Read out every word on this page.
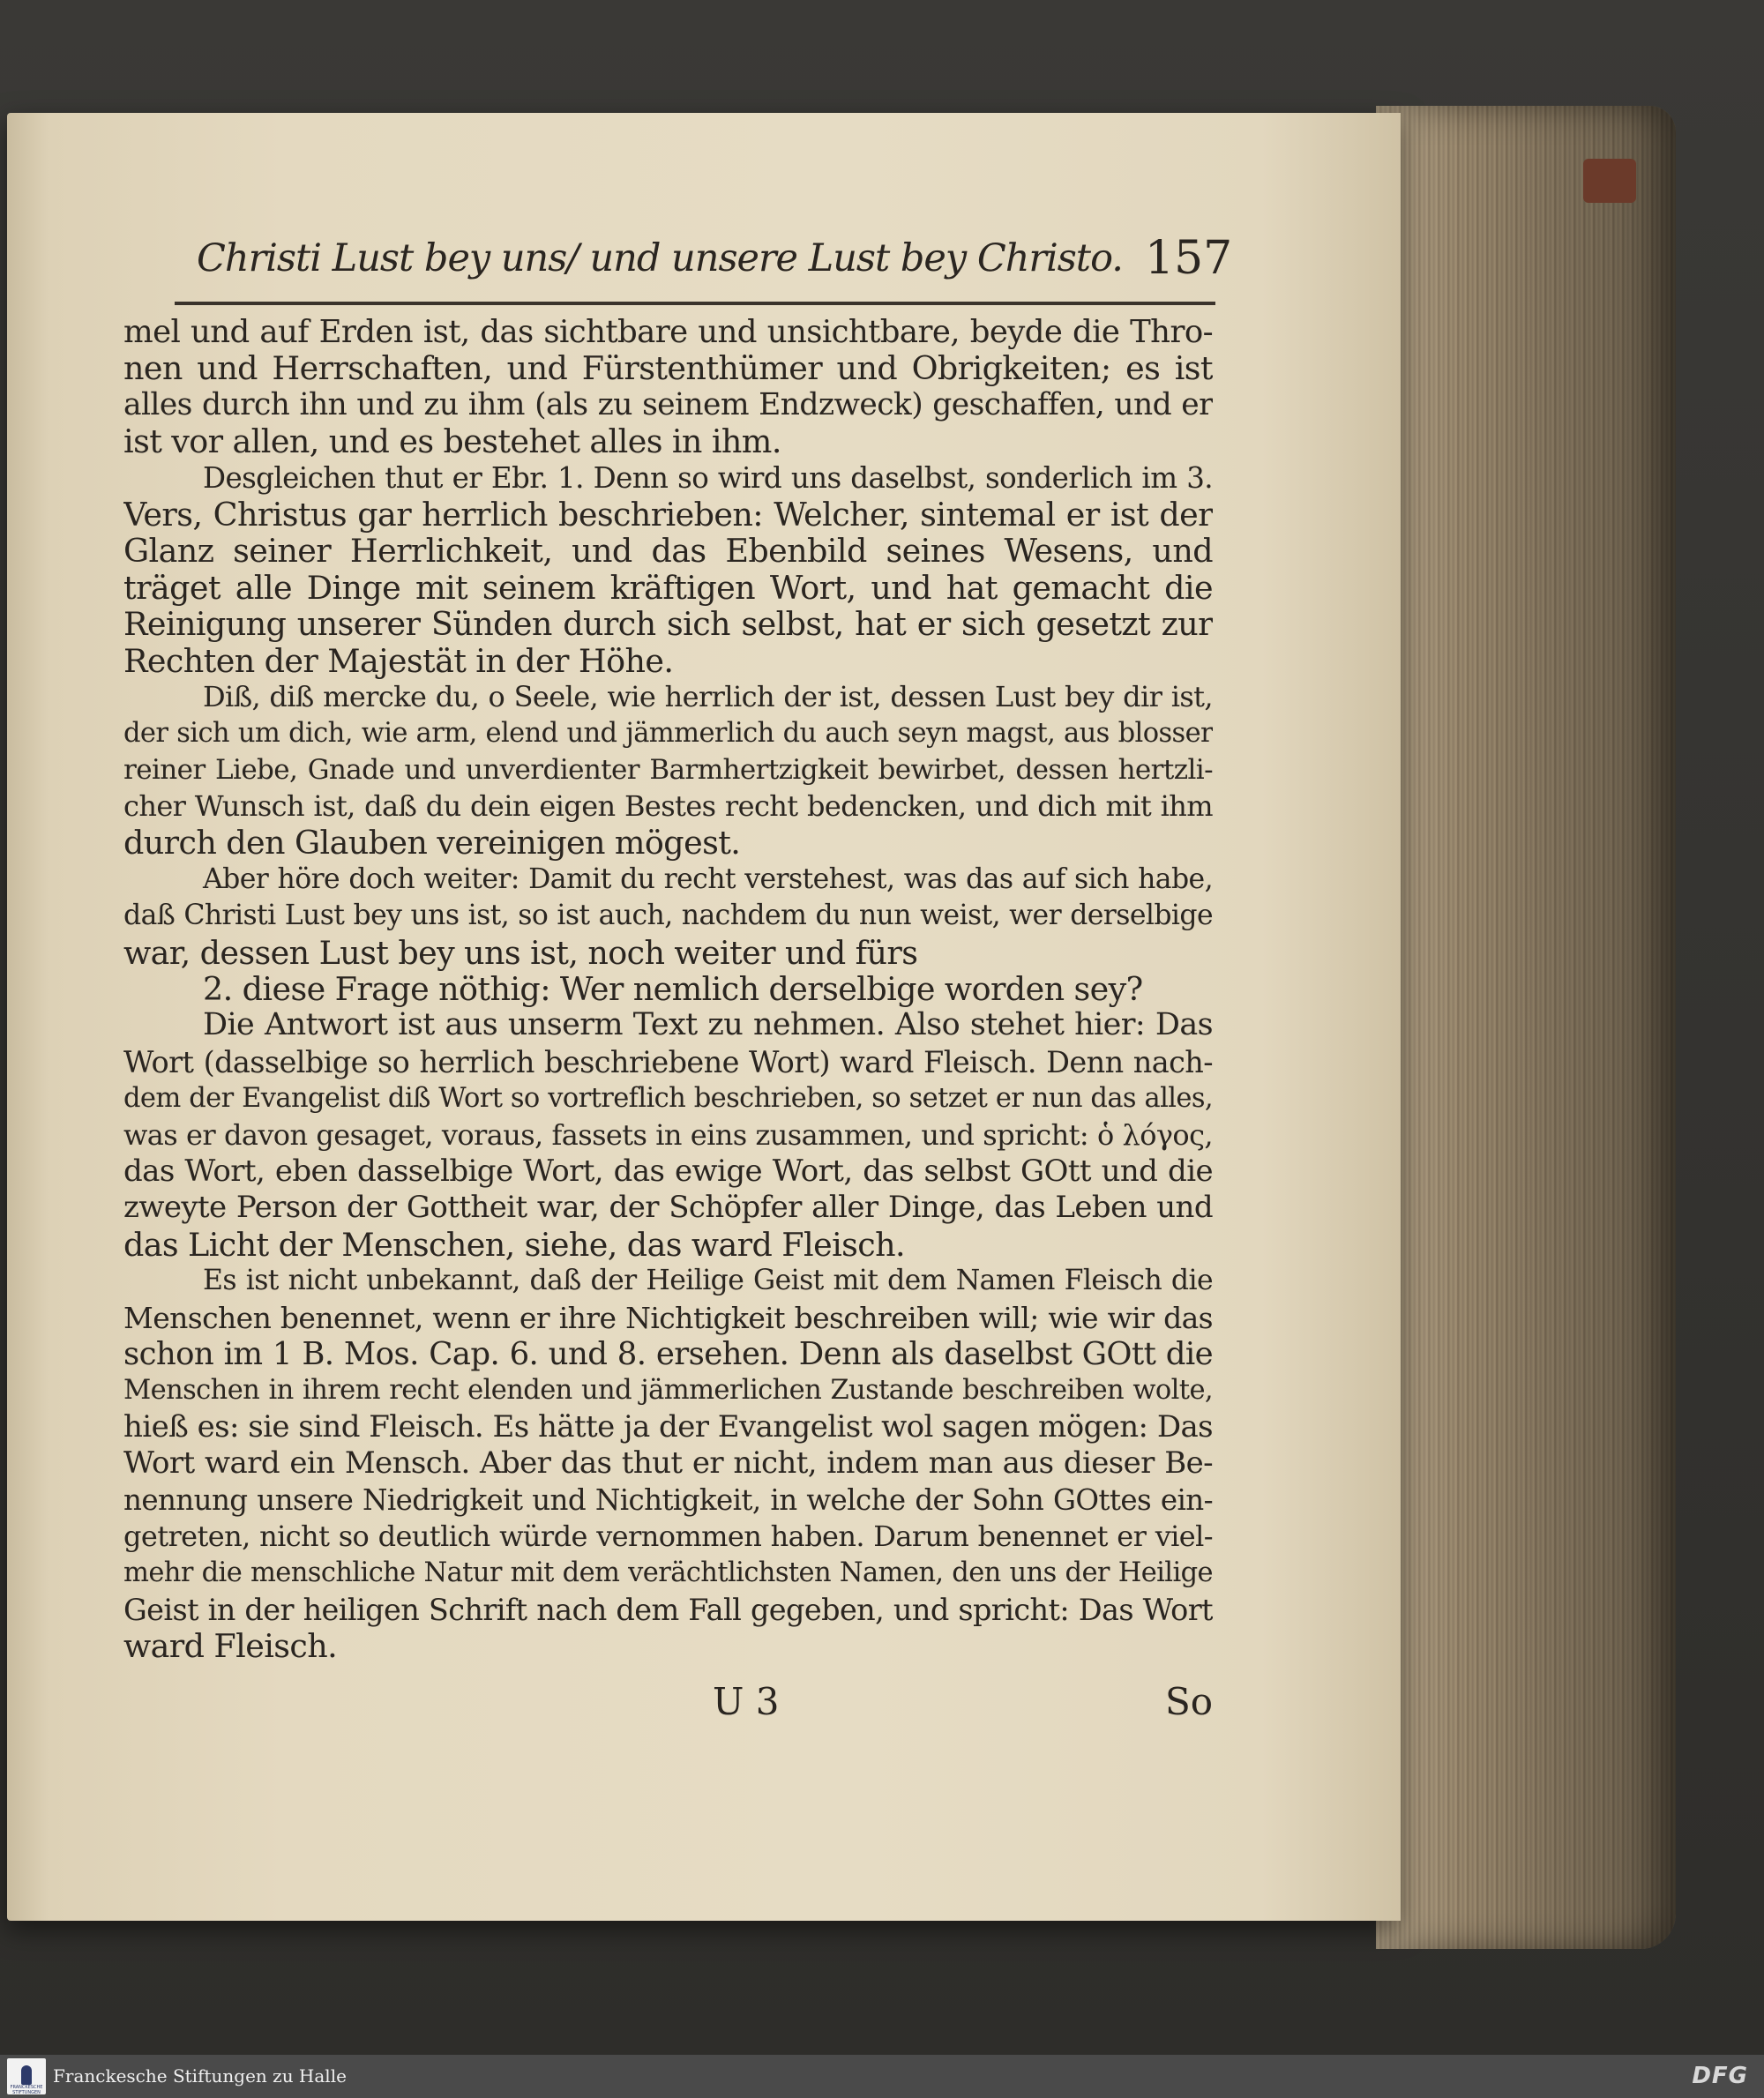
Christi Lust bey uns/ und unsere Lust bey Christo. 157
mel und auf Erden ist, das sichtbare und unsichtbare, beyde die Thro-
nen und Herrschaften, und Fürstenthümer und Obrigkeiten; es ist
alles durch ihn und zu ihm (als zu seinem Endzweck) geschaffen, und er
ist vor allen, und es bestehet alles in ihm.
Desgleichen thut er Ebr. 1. Denn so wird uns daselbst, sonderlich im 3.
Vers, Christus gar herrlich beschrieben: Welcher, sintemal er ist der
Glanz seiner Herrlichkeit, und das Ebenbild seines Wesens, und
träget alle Dinge mit seinem kräftigen Wort, und hat gemacht die
Reinigung unserer Sünden durch sich selbst, hat er sich gesetzt zur
Rechten der Majestät in der Höhe.
Diß, diß mercke du, o Seele, wie herrlich der ist, dessen Lust bey dir ist,
der sich um dich, wie arm, elend und jämmerlich du auch seyn magst, aus blosser
reiner Liebe, Gnade und unverdienter Barmhertzigkeit bewirbet, dessen hertzli-
cher Wunsch ist, daß du dein eigen Bestes recht bedencken, und dich mit ihm
durch den Glauben vereinigen mögest.
Aber höre doch weiter: Damit du recht verstehest, was das auf sich habe,
daß Christi Lust bey uns ist, so ist auch, nachdem du nun weist, wer derselbige
war, dessen Lust bey uns ist, noch weiter und fürs
2. diese Frage nöthig: Wer nemlich derselbige worden sey?
Die Antwort ist aus unserm Text zu nehmen. Also stehet hier: Das
Wort (dasselbige so herrlich beschriebene Wort) ward Fleisch. Denn nach-
dem der Evangelist diß Wort so vortreflich beschrieben, so setzet er nun das alles,
was er davon gesaget, voraus, fassets in eins zusammen, und spricht: ὁ λόγος,
das Wort, eben dasselbige Wort, das ewige Wort, das selbst GOtt und die
zweyte Person der Gottheit war, der Schöpfer aller Dinge, das Leben und
das Licht der Menschen, siehe, das ward Fleisch.
Es ist nicht unbekannt, daß der Heilige Geist mit dem Namen Fleisch die
Menschen benennet, wenn er ihre Nichtigkeit beschreiben will; wie wir das
schon im 1 B. Mos. Cap. 6. und 8. ersehen. Denn als daselbst GOtt die
Menschen in ihrem recht elenden und jämmerlichen Zustande beschreiben wolte,
hieß es: sie sind Fleisch. Es hätte ja der Evangelist wol sagen mögen: Das
Wort ward ein Mensch. Aber das thut er nicht, indem man aus dieser Be-
nennung unsere Niedrigkeit und Nichtigkeit, in welche der Sohn GOttes ein-
getreten, nicht so deutlich würde vernommen haben. Darum benennet er viel-
mehr die menschliche Natur mit dem verächtlichsten Namen, den uns der Heilige
Geist in der heiligen Schrift nach dem Fall gegeben, und spricht: Das Wort
ward Fleisch.
U 3	So
FRANCKESCHE STIFTUNGEN
Franckesche Stiftungen zu Halle	DFG
